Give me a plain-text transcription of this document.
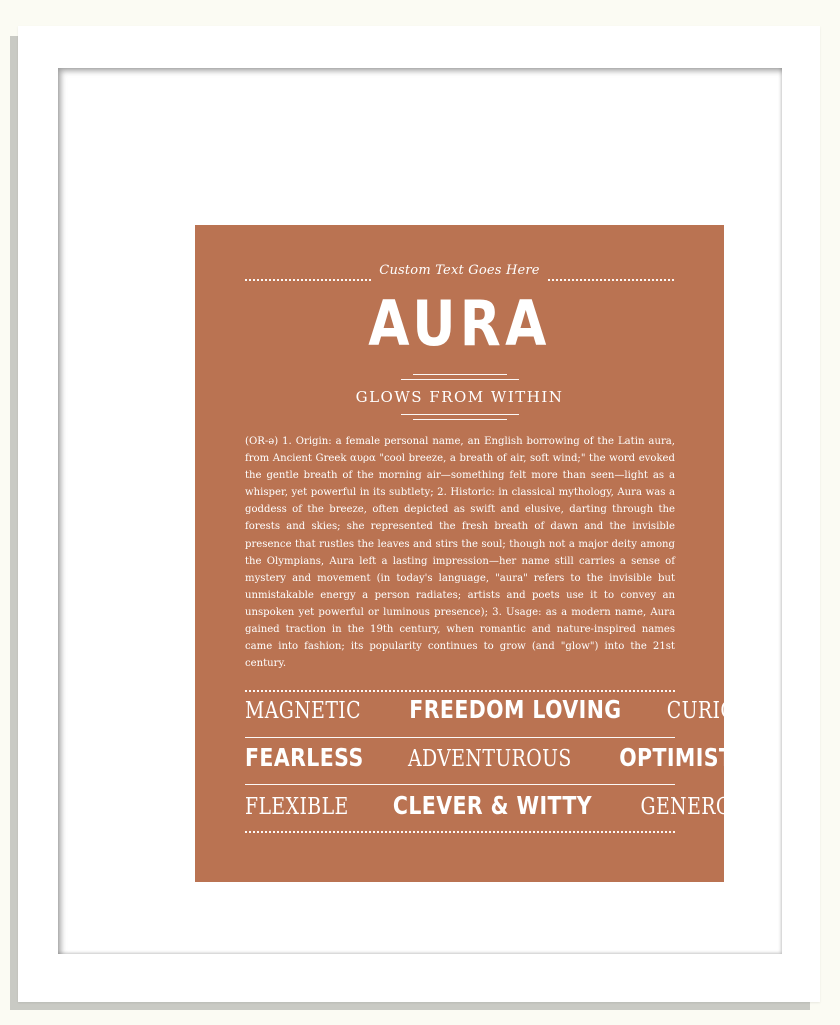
Custom Text Goes Here
AURA
GLOWS FROM WITHIN
(OR-ə) 1. Origin: a female personal name, an English borrowing of the Latin aura, from Ancient Greek αυρα "cool breeze, a breath of air, soft wind;" the word evoked the gentle breath of the morning air—something felt more than seen—light as a whisper, yet powerful in its subtlety; 2. Historic: in classical mythology, Aura was a goddess of the breeze, often depicted as swift and elusive, darting through the forests and skies; she represented the fresh breath of dawn and the invisible presence that rustles the leaves and stirs the soul; though not a major deity among the Olympians, Aura left a lasting impression—her name still carries a sense of mystery and movement (in today's language, "aura" refers to the invisible but unmistakable energy a person radiates; artists and poets use it to convey an unspoken yet powerful or luminous presence); 3. Usage: as a modern name, Aura gained traction in the 19th century, when romantic and nature-inspired names came into fashion; its popularity continues to grow (and "glow") into the 21st century.
MAGNETIC FREEDOM LOVING CURIOUS
FEARLESS ADVENTUROUS OPTIMISTIC
FLEXIBLE CLEVER & WITTY GENEROUS
